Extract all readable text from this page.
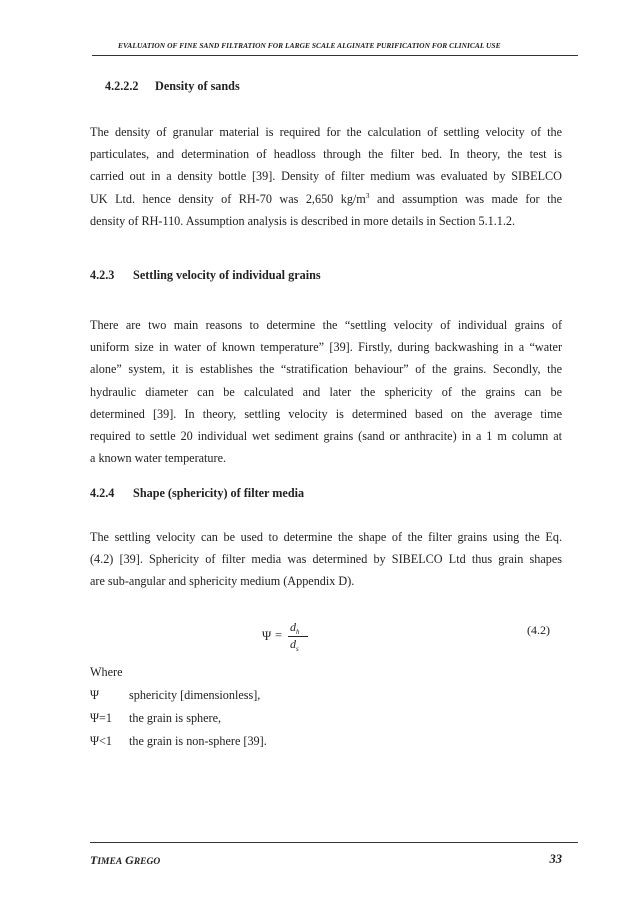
EVALUATION OF FINE SAND FILTRATION FOR LARGE SCALE ALGINATE PURIFICATION FOR CLINICAL USE
4.2.2.2 Density of sands
The density of granular material is required for the calculation of settling velocity of the
particulates, and determination of headloss through the filter bed. In theory, the test is
carried out in a density bottle [39]. Density of filter medium was evaluated by SIBELCO
UK Ltd. hence density of RH-70 was 2,650 $kg/m^3$ and assumption was made for the
density of RH-110. Assumption analysis is described in more details in Section 5.1.1.2.
4.2.3 Settling velocity of individual grains
There are two main reasons to determine the “settling velocity of individual grains of
uniform size in water of known temperature” [39]. Firstly, during backwashing in a “water
alone” system, it is establishes the “stratification behaviour” of the grains. Secondly, the
hydraulic diameter can be calculated and later the sphericity of the grains can be
determined [39]. In theory, settling velocity is determined based on the average time
required to settle 20 individual wet sediment grains (sand or anthracite) in a 1 m column at
a known water temperature.
4.2.4 Shape (sphericity) of filter media
The settling velocity can be used to determine the shape of the filter grains using the Eq.
(4.2) [39]. Sphericity of filter media was determined by SIBELCO Ltd thus grain shapes
are sub-angular and sphericity medium (Appendix D).
Ψ =
$d_h$
$d_s$
(4.2)
Where
Ψ sphericity [dimensionless],
Ψ=1 the grain is sphere,
Ψ<1 the grain is non-sphere [39].
TIMEA GREGO	33
